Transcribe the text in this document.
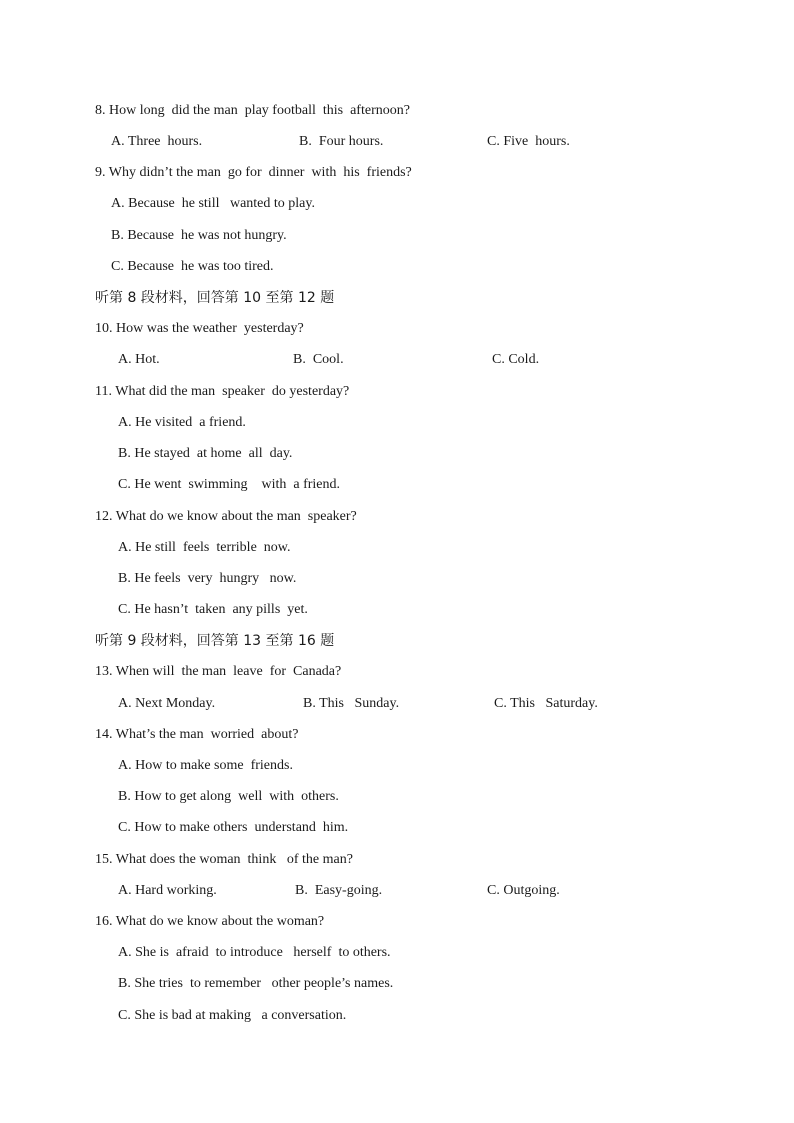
8. How long  did the man  play football  this  afternoon?
A. Three  hours.	B.  Four hours.	C. Five  hours.
9. Why didn’t the man  go for  dinner  with  his  friends?
A. Because  he still   wanted to play.
B. Because  he was not hungry.
C. Because  he was too tired.
听第 8 段材料，回答第 10 至第 12 题
10. How was the weather  yesterday?
A. Hot.	B.  Cool.	C. Cold.
11. What did the man  speaker  do yesterday?
A. He visited  a friend.
B. He stayed  at home  all  day.
C. He went  swimming    with  a friend.
12. What do we know about the man  speaker?
A. He still  feels  terrible  now.
B. He feels  very  hungry   now.
C. He hasn’t  taken  any pills  yet.
听第 9 段材料，回答第 13 至第 16 题
13. When will  the man  leave  for  Canada?
A. Next Monday.	B. This   Sunday.	C. This   Saturday.
14. What’s the man  worried  about?
A. How to make some  friends.
B. How to get along  well  with  others.
C. How to make others  understand  him.
15. What does the woman  think   of the man?
A. Hard working.	B.  Easy-going.	C. Outgoing.
16. What do we know about the woman?
A. She is  afraid  to introduce   herself  to others.
B. She tries  to remember   other people’s names.
C. She is bad at making   a conversation.
